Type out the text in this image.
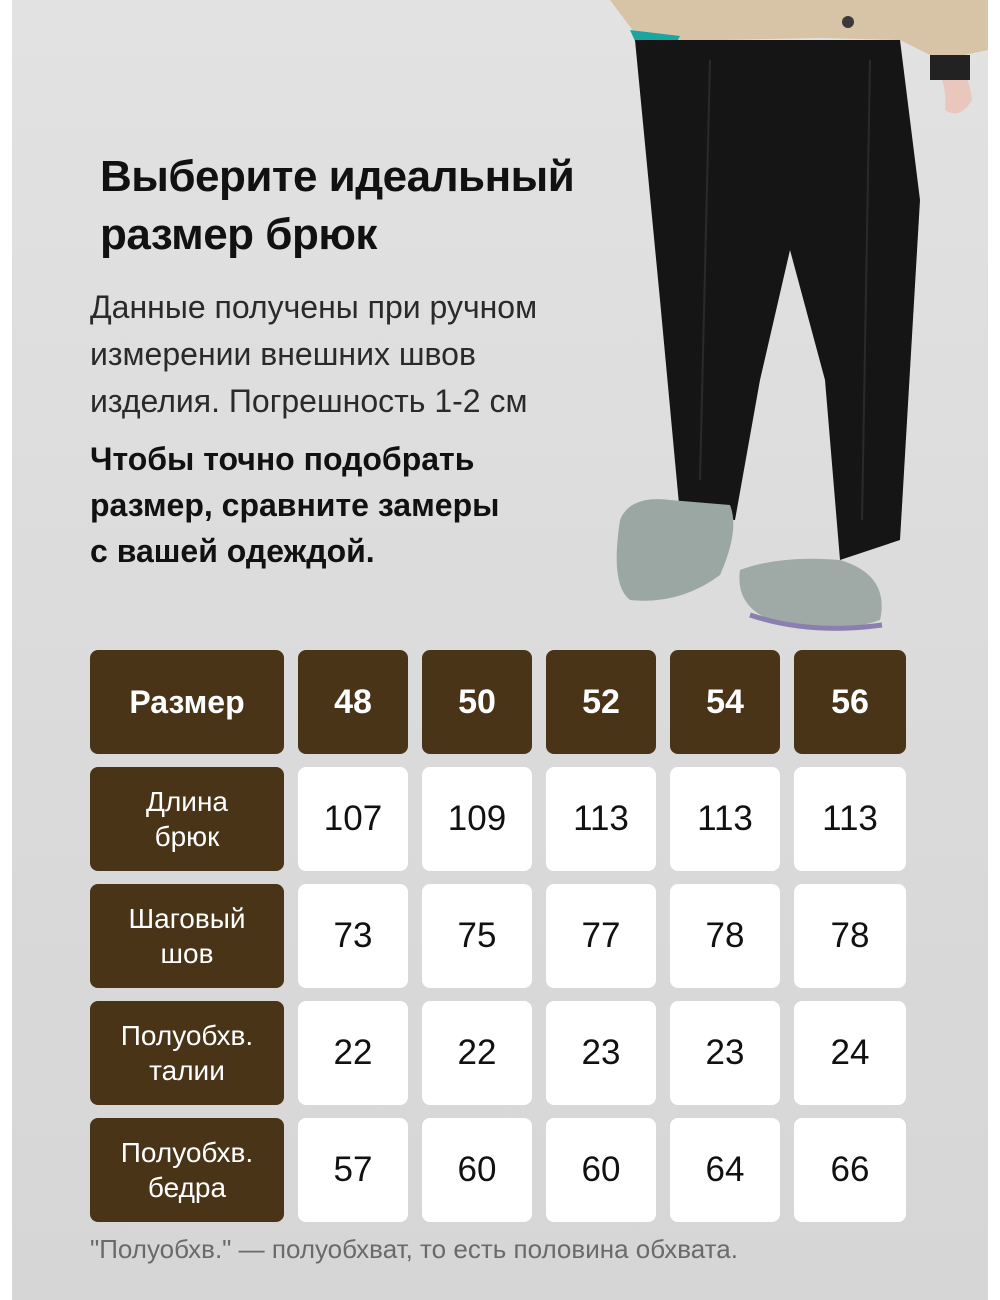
Выберите идеальный
размер брюк
Данные получены при ручном
измерении внешних швов
изделия. Погрешность 1-2 см
Чтобы точно подобрать
размер, сравните замеры
с вашей одеждой.
Размер	48	50	52	54	56
Длина
брюк	107	109	113	113	113
Шаговый
шов	73	75	77	78	78
Полуобхв.
талии	22	22	23	23	24
Полуобхв.
бедра	57	60	60	64	66
"Полуобхв." — полуобхват, то есть половина обхвата.
